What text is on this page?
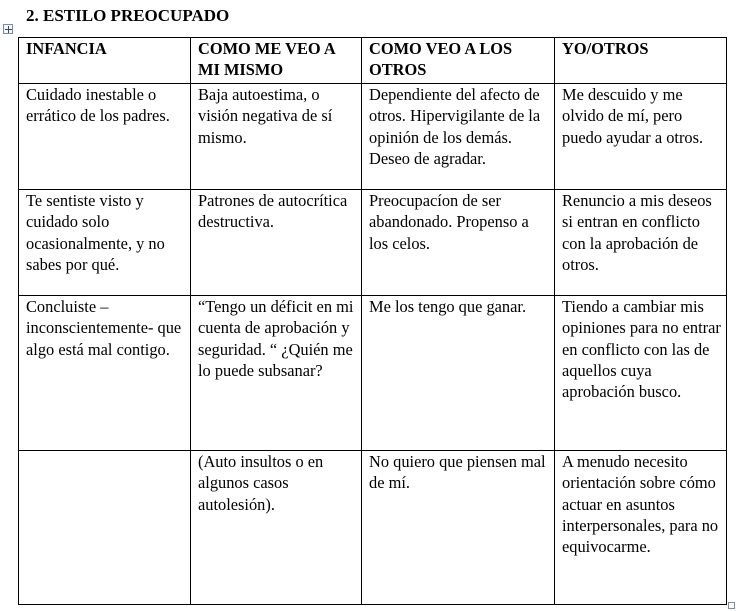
2. ESTILO PREOCUPADO
INFANCIA	COMO ME VEO A MI MISMO	COMO VEO A LOS OTROS	YO/OTROS

Cuidado inestable o errático de los padres.	Baja autoestima, o visión negativa de sí mismo.	Dependiente del afecto de otros. Hipervigilante de la opinión de los demás. Deseo de agradar.	Me descuido y me olvido de mí, pero puedo ayudar a otros.

Te sentiste visto y cuidado solo ocasionalmente, y no sabes por qué.	Patrones de autocrítica destructiva.	Preocupacíon de ser abandonado. Propenso a los celos.	Renuncio a mis deseos si entran en conflicto con la aprobación de otros.

Concluiste – inconscientemente- que algo está mal contigo.	“Tengo un déficit en mi cuenta de aprobación y seguridad. “ ¿Quién me lo puede subsanar?	Me los tengo que ganar.	Tiendo a cambiar mis opiniones para no entrar en conflicto con las de aquellos cuya aprobación busco.

	(Auto insultos o en algunos casos autolesión).	No quiero que piensen mal de mí.	A menudo necesito orientación sobre cómo actuar en asuntos interpersonales, para no equivocarme.
